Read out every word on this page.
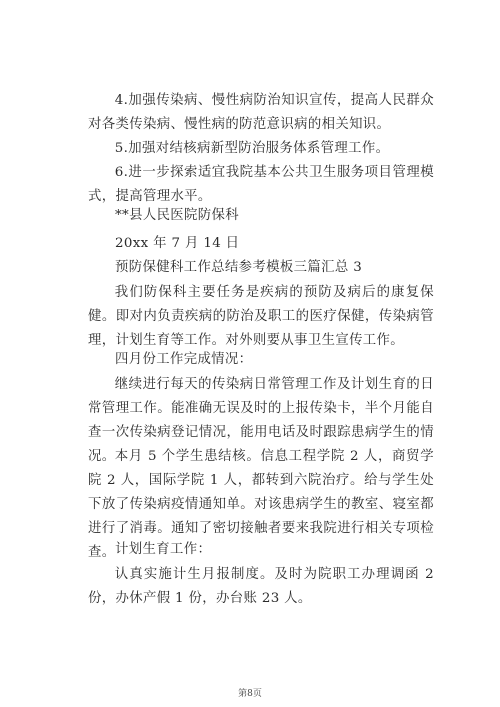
4.加强传染病、慢性病防治知识宣传，提高人民群众对各类传染病、慢性病的防范意识病的相关知识。

5.加强对结核病新型防治服务体系管理工作。

6.进一步探索适宜我院基本公共卫生服务项目管理模式，提高管理水平。

**县人民医院防保科
20xx 年 7 月 14 日
预防保健科工作总结参考模板三篇汇总 3

我们防保科主要任务是疾病的预防及病后的康复保健。即对内负责疾病的防治及职工的医疗保健，传染病管理，计划生育等工作。对外则要从事卫生宣传工作。

四月份工作完成情况：

继续进行每天的传染病日常管理工作及计划生育的日常管理工作。能准确无误及时的上报传染卡，半个月能自查一次传染病登记情况，能用电话及时跟踪患病学生的情况。 本月 5 个学生患结核。信息工程学院 2 人，商贸学院 2 人，国际学院 1 人，都转到六院治疗。给与学生处下放了传染病疫情通知单。对该患病学生的教室、寝室都进行了消毒。通知了密切接触者要来我院进行相关专项检查。 计划生育工作：

认真实施计生月报制度。及时为院职工办理调函 2 份，办休产假 1 份，办台账 23 人。

第8页
